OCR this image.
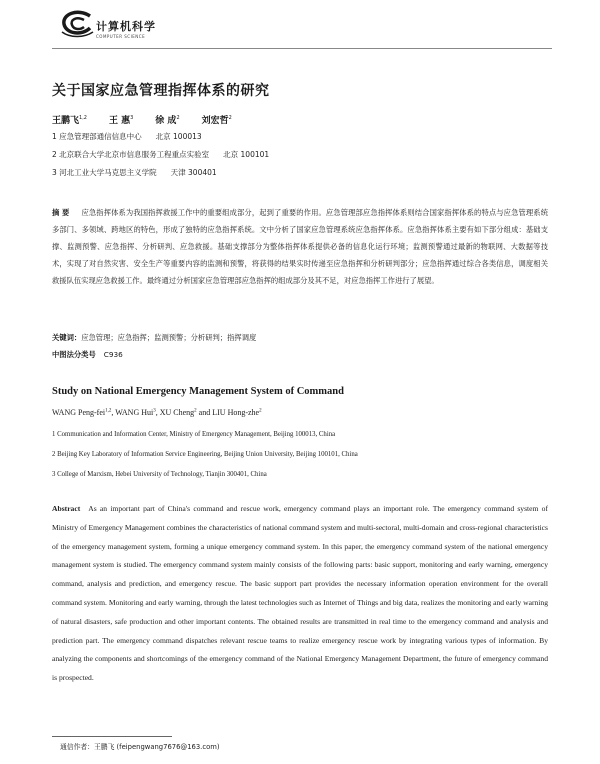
计算机科学
COMPUTER SCIENCE
关于国家应急管理指挥体系的研究
王鹏飞$^{1,2}$ 王 惠$^3$ 徐 成$^2$ 刘宏哲$^2$
1 应急管理部通信信息中心 北京 100013
2 北京联合大学北京市信息服务工程重点实验室 北京 100101
3 河北工业大学马克思主义学院 天津 300401
摘 要 应急指挥体系为我国指挥救援工作中的重要组成部分，起到了重要的作用。应急管理部应急指挥体系则结合国家指挥体系的特点与应急管理系统多部门、多领域、跨地区的特色，形成了独特的应急指挥系统。文中分析了国家应急管理系统应急指挥体系。应急指挥体系主要有如下部分组成：基础支撑、监测预警、应急指挥、分析研判、应急救援。基础支撑部分为整体指挥体系提供必备的信息化运行环境；监测预警通过最新的物联网、大数据等技术，实现了对自然灾害、安全生产等重要内容的监测和预警，将获得的结果实时传递至应急指挥和分析研判部分；应急指挥通过综合各类信息，调度相关救援队伍实现应急救援工作。最终通过分析国家应急管理部应急指挥的组成部分及其不足，对应急指挥工作进行了展望。
关键词：应急管理；应急指挥；监测预警；分析研判；指挥调度
中图法分类号 C936
Study on National Emergency Management System of Command
WANG Peng-fei$^{1,2}$, WANG Hui$^3$, XU Cheng$^2$ and LIU Hong-zhe$^2$
1 Communication and Information Center, Ministry of Emergency Management, Beijing 100013, China
2 Beijing Key Laboratory of Information Service Engineering, Beijing Union University, Beijing 100101, China
3 College of Marxism, Hebei University of Technology, Tianjin 300401, China
Abstract As an important part of China's command and rescue work, emergency command plays an important role. The emergency command system of Ministry of Emergency Management combines the characteristics of national command system and multi-sectoral, multi-domain and cross-regional characteristics of the emergency management system, forming a unique emergency command system. In this paper, the emergency command system of the national emergency management system is studied. The emergency command system mainly consists of the following parts: basic support, monitoring and early warning, emergency command, analysis and prediction, and emergency rescue. The basic support part provides the necessary information operation environment for the overall command system. Monitoring and early warning, through the latest technologies such as Internet of Things and big data, realizes the monitoring and early warning of natural disasters, safe production and other important contents. The obtained results are transmitted in real time to the emergency command and analysis and prediction part. The emergency command dispatches relevant rescue teams to realize emergency rescue work by integrating various types of information. By analyzing the components and shortcomings of the emergency command of the National Emergency Management Department, the future of emergency command is prospected.
通信作者：王鹏飞 (feipengwang7676@163.com)
